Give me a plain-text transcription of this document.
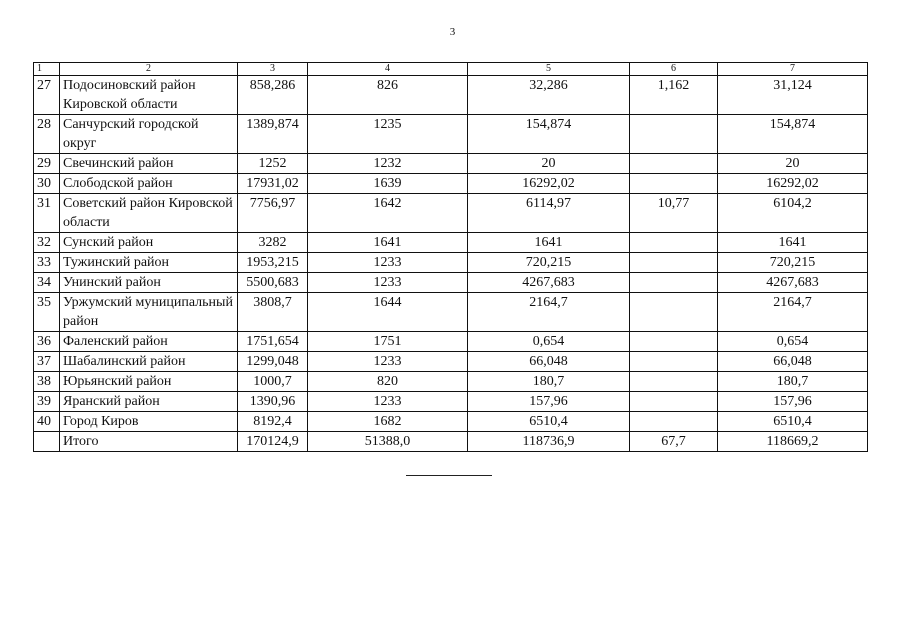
3
1	2	3	4	5	6	7
27	Подосиновский район Кировской области	858,286	826	32,286	1,162	31,124
28	Санчурский городской округ	1389,874	1235	154,874		154,874
29	Свечинский район	1252	1232	20		20
30	Слободской район	17931,02	1639	16292,02		16292,02
31	Советский район Кировской области	7756,97	1642	6114,97	10,77	6104,2
32	Сунский район	3282	1641	1641		1641
33	Тужинский район	1953,215	1233	720,215		720,215
34	Унинский район	5500,683	1233	4267,683		4267,683
35	Уржумский муниципальный район	3808,7	1644	2164,7		2164,7
36	Фаленский район	1751,654	1751	0,654		0,654
37	Шабалинский район	1299,048	1233	66,048		66,048
38	Юрьянский район	1000,7	820	180,7		180,7
39	Яранский район	1390,96	1233	157,96		157,96
40	Город Киров	8192,4	1682	6510,4		6510,4
	Итого	170124,9	51388,0	118736,9	67,7	118669,2
